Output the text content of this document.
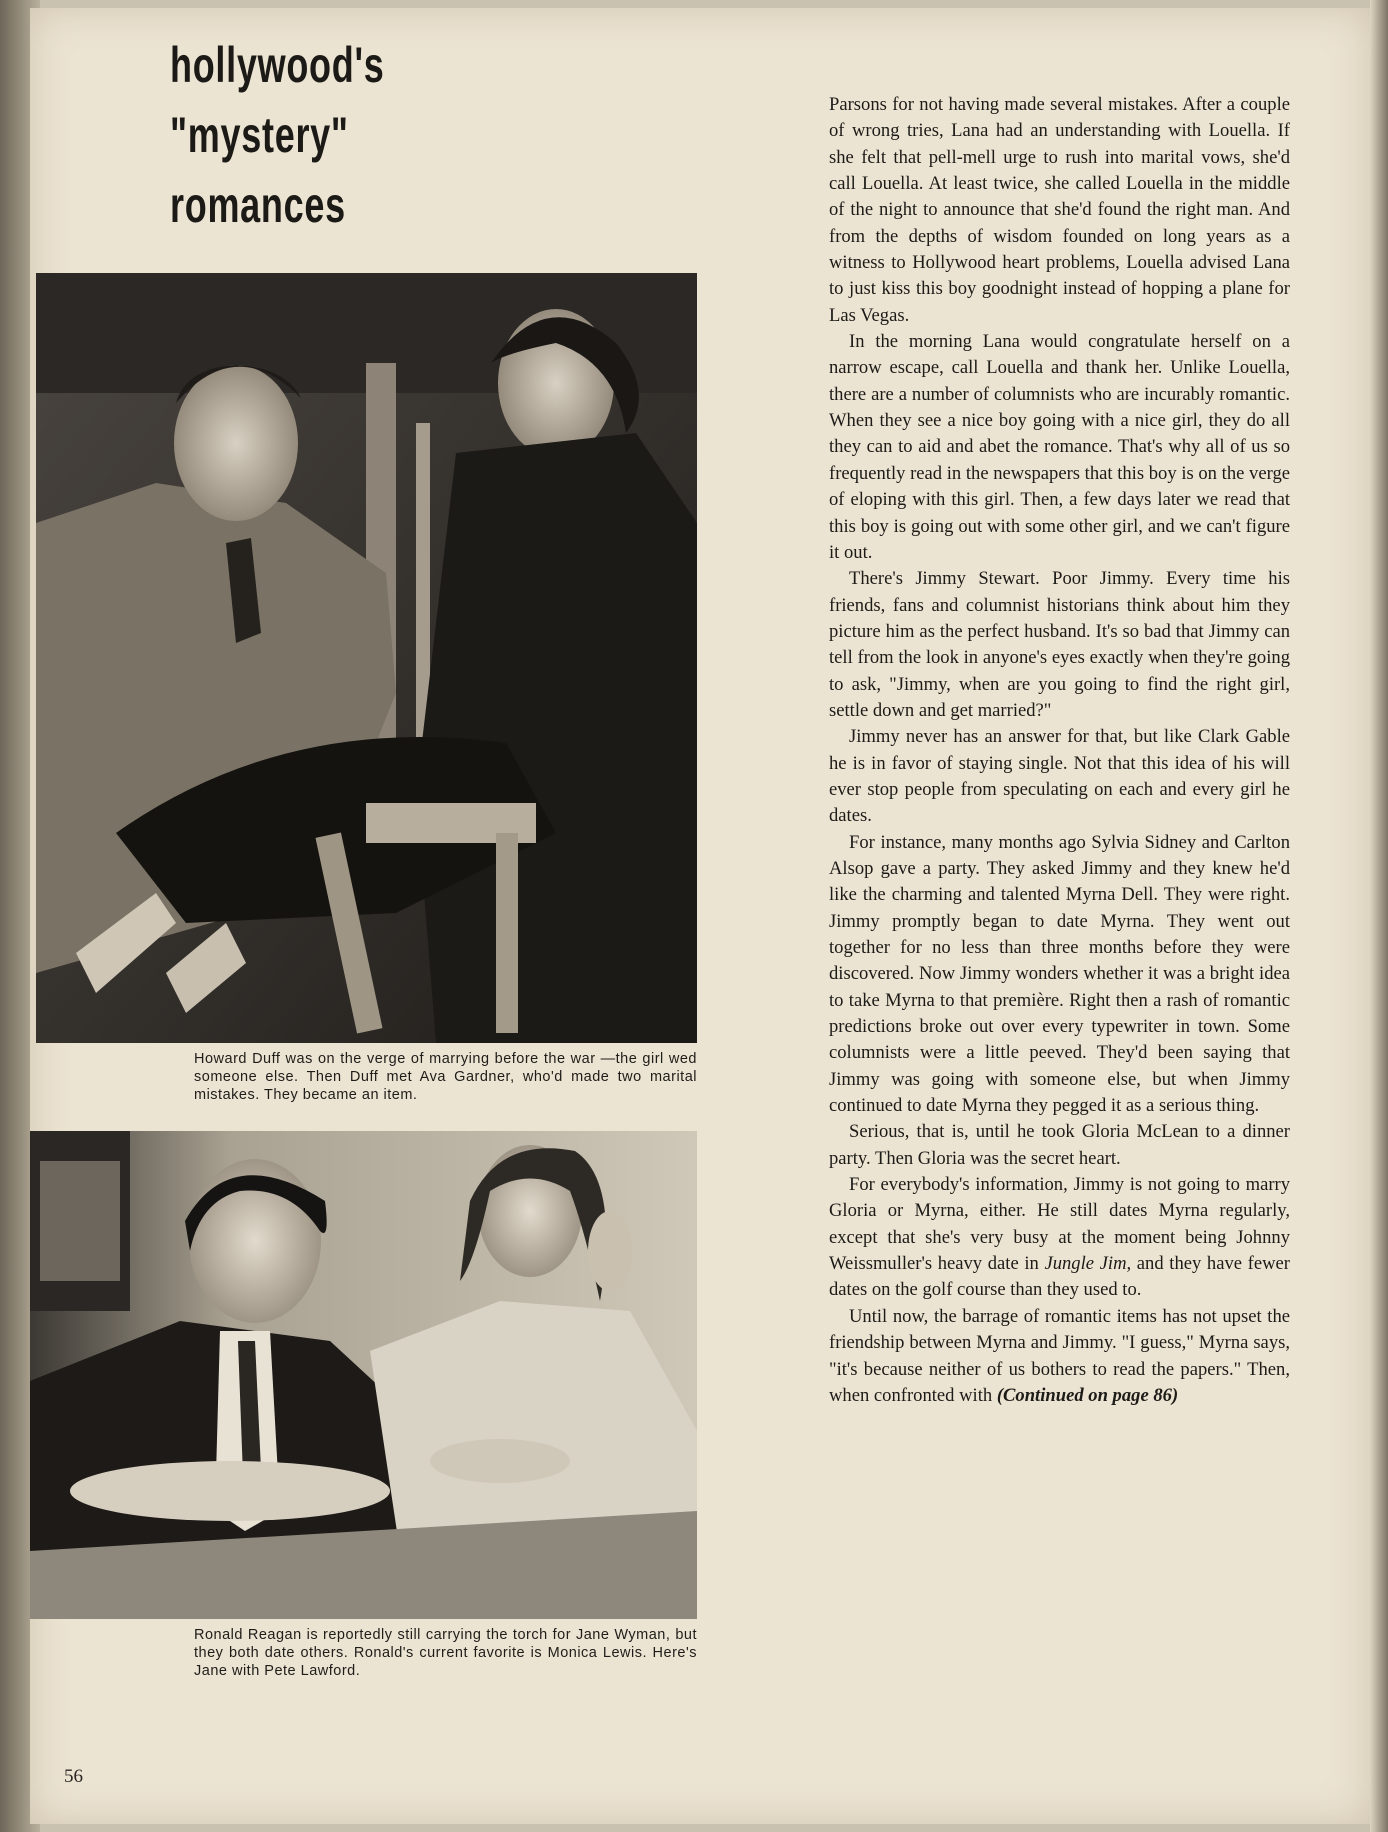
hollywood's
"mystery"
romances
Howard Duff was on the verge of marrying before the war —the girl wed someone else. Then Duff met Ava Gardner, who'd made two marital mistakes. They became an item.
Ronald Reagan is reportedly still carrying the torch for Jane Wyman, but they both date others. Ronald's current favorite is Monica Lewis. Here's Jane with Pete Lawford.

Parsons for not having made several mistakes. After a couple of wrong tries, Lana had an understanding with Louella. If she felt that pell-mell urge to rush into marital vows, she'd call Louella. At least twice, she called Louella in the middle of the night to announce that she'd found the right man. And from the depths of wisdom founded on long years as a witness to Hollywood heart problems, Louella advised Lana to just kiss this boy goodnight instead of hopping a plane for Las Vegas.

In the morning Lana would congratulate herself on a narrow escape, call Louella and thank her. Unlike Louella, there are a number of columnists who are incurably romantic. When they see a nice boy going with a nice girl, they do all they can to aid and abet the romance. That's why all of us so frequently read in the newspapers that this boy is on the verge of eloping with this girl. Then, a few days later we read that this boy is going out with some other girl, and we can't figure it out.

There's Jimmy Stewart. Poor Jimmy. Every time his friends, fans and columnist historians think about him they picture him as the perfect husband. It's so bad that Jimmy can tell from the look in anyone's eyes exactly when they're going to ask, "Jimmy, when are you going to find the right girl, settle down and get married?"

Jimmy never has an answer for that, but like Clark Gable he is in favor of staying single. Not that this idea of his will ever stop people from speculating on each and every girl he dates.

For instance, many months ago Sylvia Sidney and Carlton Alsop gave a party. They asked Jimmy and they knew he'd like the charming and talented Myrna Dell. They were right. Jimmy promptly began to date Myrna. They went out together for no less than three months before they were discovered. Now Jimmy wonders whether it was a bright idea to take Myrna to that première. Right then a rash of romantic predictions broke out over every typewriter in town. Some columnists were a little peeved. They'd been saying that Jimmy was going with someone else, but when Jimmy continued to date Myrna they pegged it as a serious thing.

Serious, that is, until he took Gloria McLean to a dinner party. Then Gloria was the secret heart.

For everybody's information, Jimmy is not going to marry Gloria or Myrna, either. He still dates Myrna regularly, except that she's very busy at the moment being Johnny Weissmuller's heavy date in Jungle Jim, and they have fewer dates on the golf course than they used to.

Until now, the barrage of romantic items has not upset the friendship between Myrna and Jimmy. "I guess," Myrna says, "it's because neither of us bothers to read the papers." Then, when confronted with (Continued on page 86)

56
